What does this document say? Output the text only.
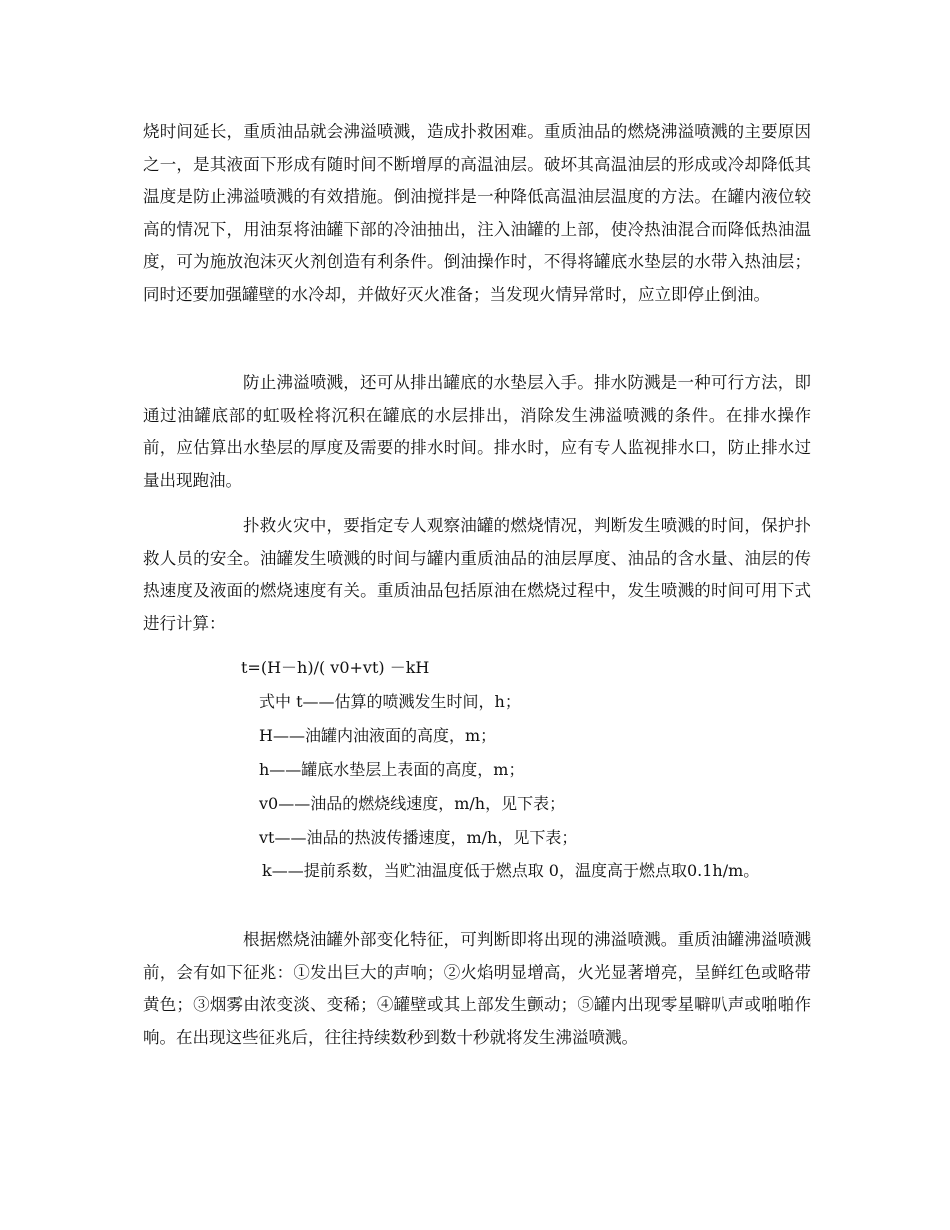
烧时间延长，重质油品就会沸溢喷溅，造成扑救困难。重质油品的燃烧沸溢喷溅的主要原因之一，是其液面下形成有随时间不断增厚的高温油层。破坏其高温油层的形成或冷却降低其温度是防止沸溢喷溅的有效措施。倒油搅拌是一种降低高温油层温度的方法。在罐内液位较高的情况下，用油泵将油罐下部的冷油抽出，注入油罐的上部，使冷热油混合而降低热油温度，可为施放泡沫灭火剂创造有利条件。倒油操作时，不得将罐底水垫层的水带入热油层；同时还要加强罐壁的水冷却，并做好灭火准备；当发现火情异常时，应立即停止倒油。

防止沸溢喷溅，还可从排出罐底的水垫层入手。排水防溅是一种可行方法，即通过油罐底部的虹吸栓将沉积在罐底的水层排出，消除发生沸溢喷溅的条件。在排水操作前，应估算出水垫层的厚度及需要的排水时间。排水时，应有专人监视排水口，防止排水过量出现跑油。

扑救火灾中，要指定专人观察油罐的燃烧情况，判断发生喷溅的时间，保护扑救人员的安全。油罐发生喷溅的时间与罐内重质油品的油层厚度、油品的含水量、油层的传热速度及液面的燃烧速度有关。重质油品包括原油在燃烧过程中，发生喷溅的时间可用下式进行计算：

t=(H－h)/( v0+vt) －kH

式中 t——估算的喷溅发生时间，h；

H——油罐内油液面的高度，m；

h——罐底水垫层上表面的高度，m；

v0——油品的燃烧线速度，m/h，见下表；

vt——油品的热波传播速度，m/h，见下表；

k——提前系数，当贮油温度低于燃点取 0，温度高于燃点取0.1h/m。

根据燃烧油罐外部变化特征，可判断即将出现的沸溢喷溅。重质油罐沸溢喷溅前，会有如下征兆：①发出巨大的声响；②火焰明显增高，火光显著增亮，呈鲜红色或略带黄色；③烟雾由浓变淡、变稀；④罐壁或其上部发生颤动；⑤罐内出现零星噼叭声或啪啪作响。在出现这些征兆后，往往持续数秒到数十秒就将发生沸溢喷溅。
